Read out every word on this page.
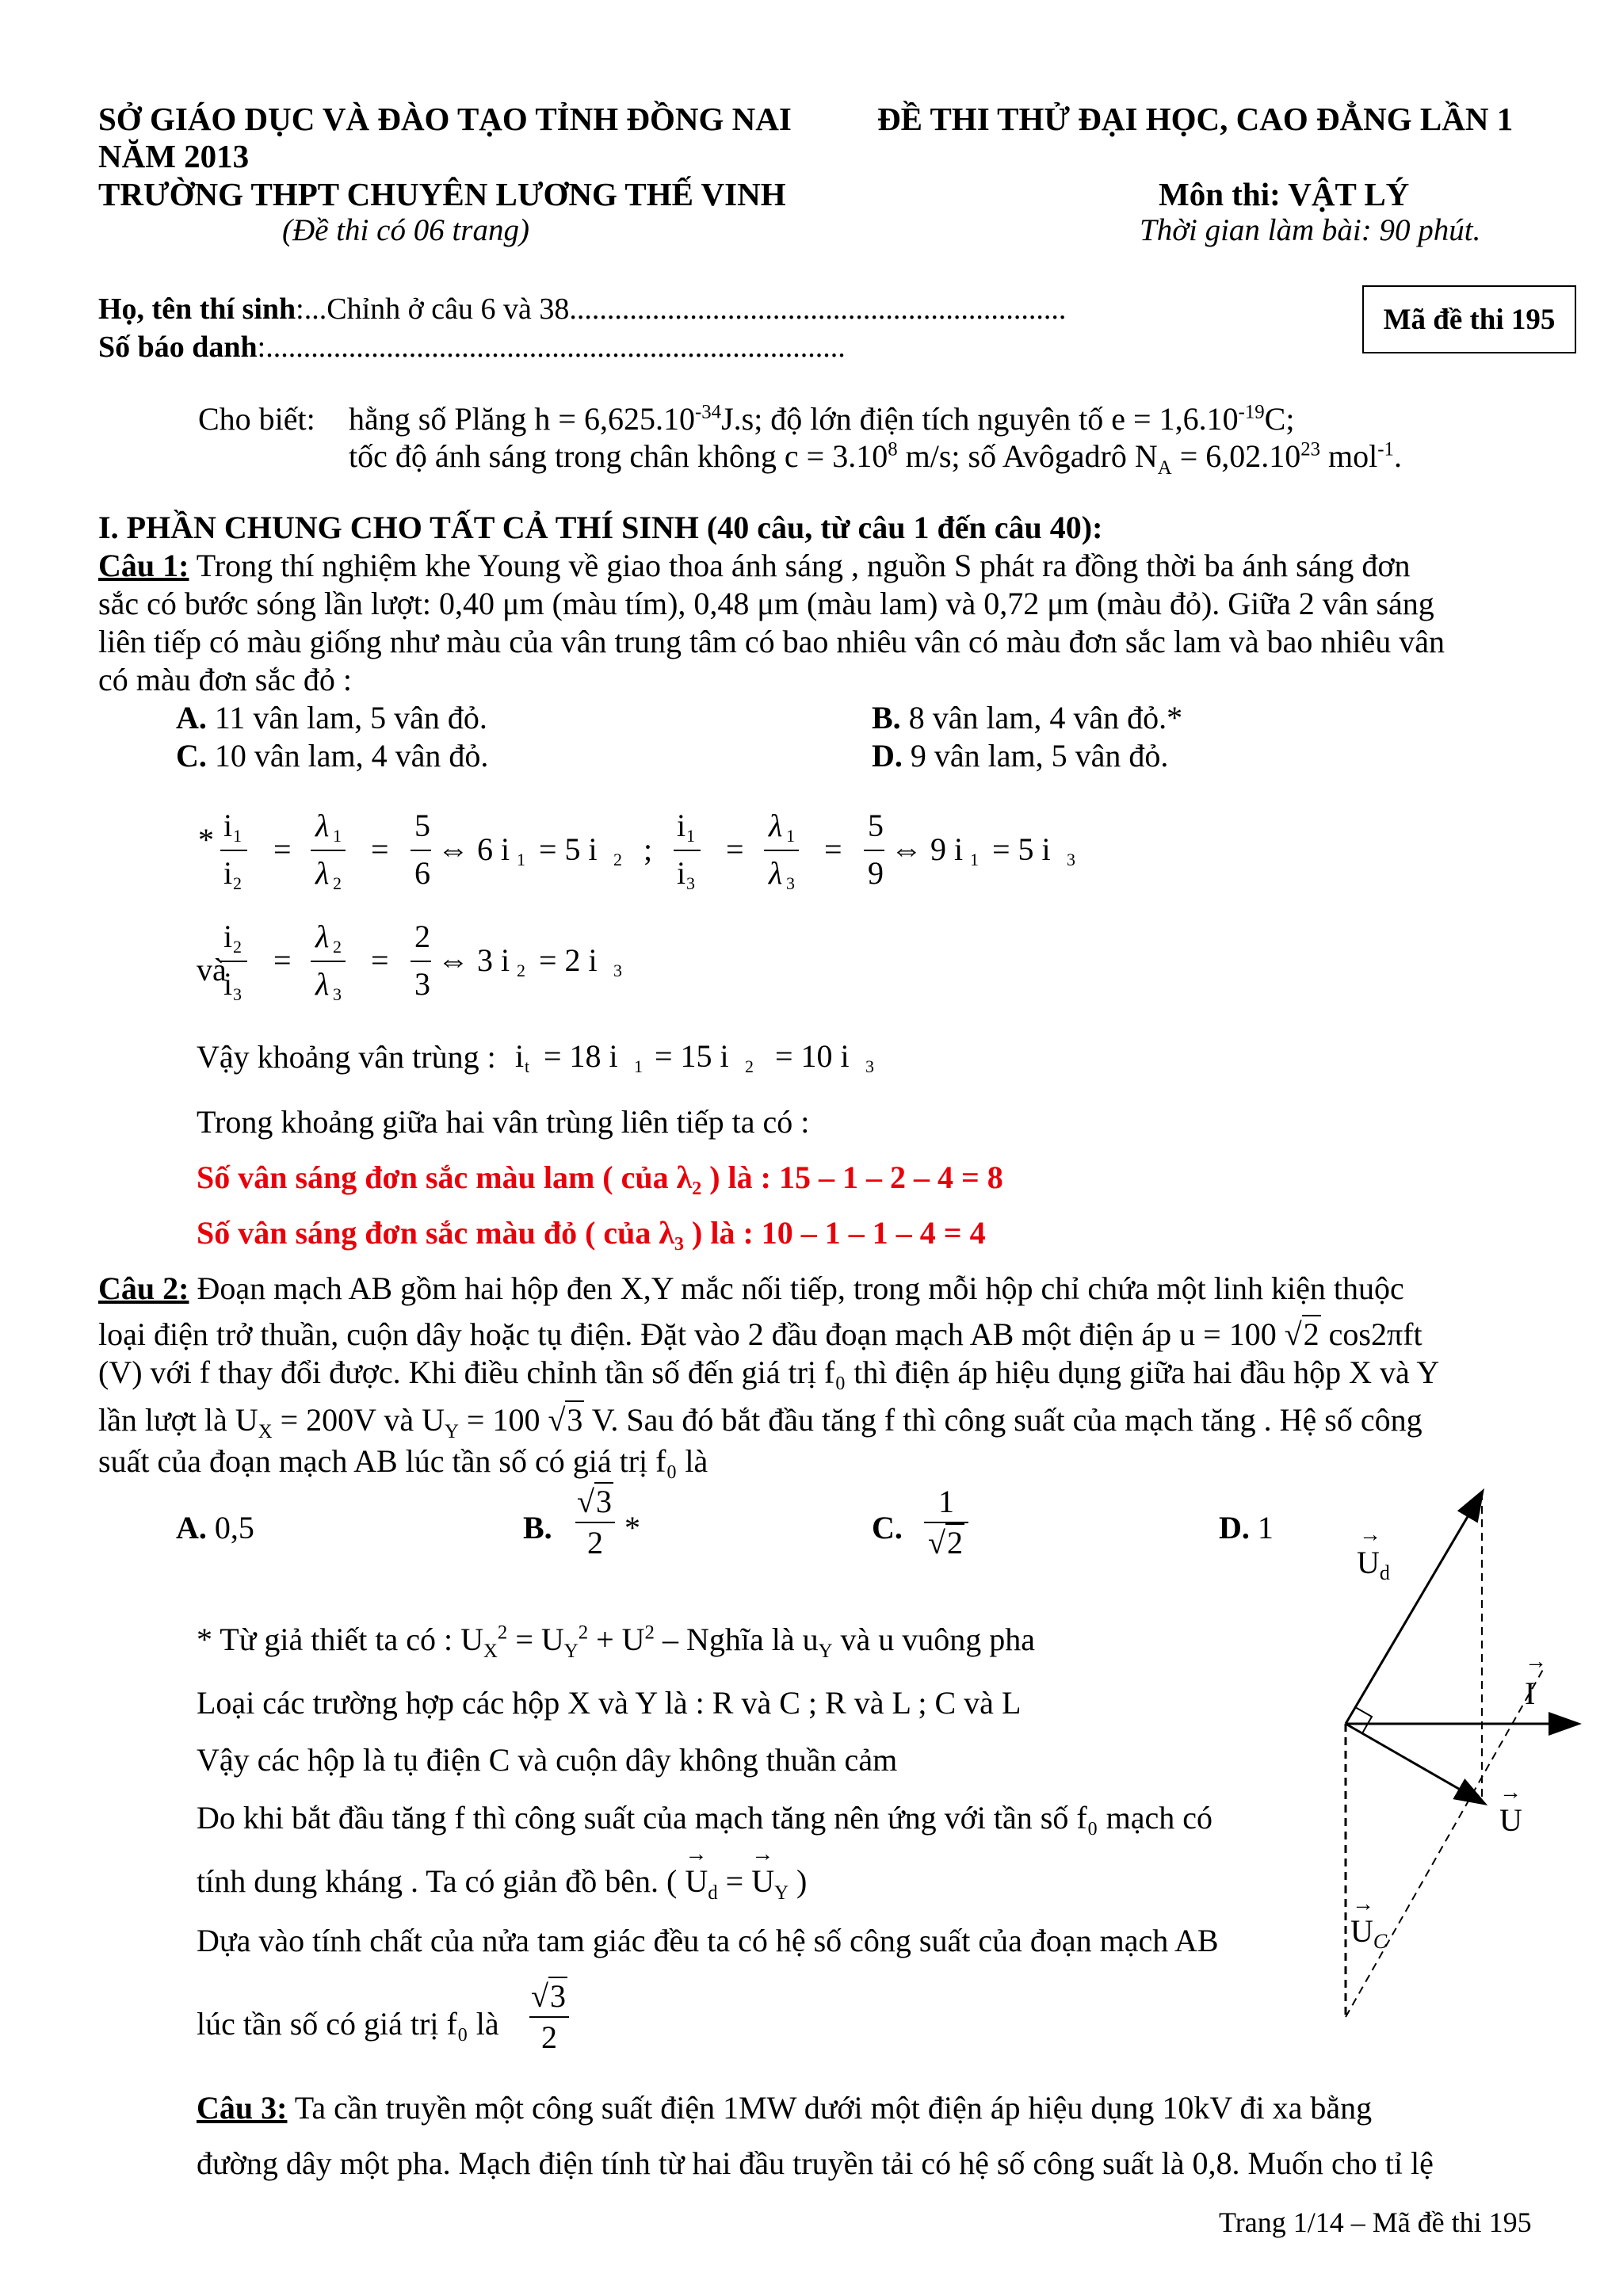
SỞ GIÁO DỤC VÀ ĐÀO TẠO TỈNH ĐỒNG NAI	ĐỀ THI THỬ ĐẠI HỌC, CAO ĐẲNG LẦN 1
NĂM 2013
TRƯỜNG THPT CHUYÊN LƯƠNG THẾ VINH	Môn thi: VẬT LÝ
(Đề thi có 06 trang)	Thời gian làm bài: 90 phút.
Họ, tên thí sinh:...Chỉnh ở câu 6 và 38..................................................................
Số báo danh:.............................................................................
Mã đề thi 195
Cho biết: hằng số Plăng $h = 6,625.10^{-34}J.s$; độ lớn điện tích nguyên tố $e = 1,6.10^{-19}C$;
tốc độ ánh sáng trong chân không $c = 3.10^8$ m/s; số Avôgadrô $N_A = 6,02.10^{23}$ mol$^{-1}$.
I. PHẦN CHUNG CHO TẤT CẢ THÍ SINH (40 câu, từ câu 1 đến câu 40):
Câu 1: Trong thí nghiệm khe Young về giao thoa ánh sáng , nguồn S phát ra đồng thời ba ánh sáng đơn
sắc có bước sóng lần lượt: 0,40 μm (màu tím), 0,48 μm (màu lam) và 0,72 μm (màu đỏ). Giữa 2 vân sáng
liên tiếp có màu giống như màu của vân trung tâm có bao nhiêu vân có màu đơn sắc lam và bao nhiêu vân
có màu đơn sắc đỏ :
A. 11 vân lam, 5 vân đỏ.	B. 8 vân lam, 4 vân đỏ.*
C. 10 vân lam, 4 vân đỏ.	D. 9 vân lam, 5 vân đỏ.
* i 1
i 2
=
λ 1
λ 2
=
5
6
⇔ 6 i 1 = 5 i 2 ;
i 1
i 3
=
λ 1
λ 3
=
5
9
⇔ 9 i 1 = 5 i 3
i 2
i 3
=
λ 2
λ 3
=
2
3
⇔ 3 i 2 = 2 i 3
và
Vậy khoảng vân trùng : i t = 18 i 1 = 15 i 2 = 10 i 3
Trong khoảng giữa hai vân trùng liên tiếp ta có :
Số vân sáng đơn sắc màu lam ( của λ₂ ) là : 15 – 1 – 2 – 4 = 8
Số vân sáng đơn sắc màu đỏ ( của λ₃ ) là : 10 – 1 – 1 – 4 = 4
Câu 2: Đoạn mạch AB gồm hai hộp đen X,Y mắc nối tiếp, trong mỗi hộp chỉ chứa một linh kiện thuộc
loại điện trở thuần, cuộn dây hoặc tụ điện. Đặt vào 2 đầu đoạn mạch AB một điện áp u = 100 √2 cos2πft
(V) với f thay đổi được. Khi điều chỉnh tần số đến giá trị f₀ thì điện áp hiệu dụng giữa hai đầu hộp X và Y
lần lượt là $U_X = 200V$ và $U_Y = 100$ √3 V. Sau đó bắt đầu tăng f thì công suất của mạch tăng . Hệ số công
suất của đoạn mạch AB lúc tần số có giá trị f₀ là
A. 0,5	B.
√3
2 *	C.
1
√2	D. 1
* Từ giả thiết ta có : $U_X^2 = U_Y^2 + U^2$ – Nghĩa là $u_Y$ và u vuông pha
Loại các trường hợp các hộp X và Y là : R và C ; R và L ; C và L
Vậy các hộp là tụ điện C và cuộn dây không thuần cảm
Do khi bắt đầu tăng f thì công suất của mạch tăng nên ứng với tần số f₀ mạch có
tính dung kháng . Ta có giản đồ bên. ( → $U_d$ = → $U_Y$ )
Dựa vào tính chất của nửa tam giác đều ta có hệ số công suất của đoạn mạch AB
lúc tần số có giá trị f₀ là
√3
2
$U_d$
→
I
→
U
→
$U_C$
→
Câu 3: Ta cần truyền một công suất điện 1MW dưới một điện áp hiệu dụng 10kV đi xa bằng
đường dây một pha. Mạch điện tính từ hai đầu truyền tải có hệ số công suất là 0,8. Muốn cho tỉ lệ
Trang 1/14 – Mã đề thi 195
